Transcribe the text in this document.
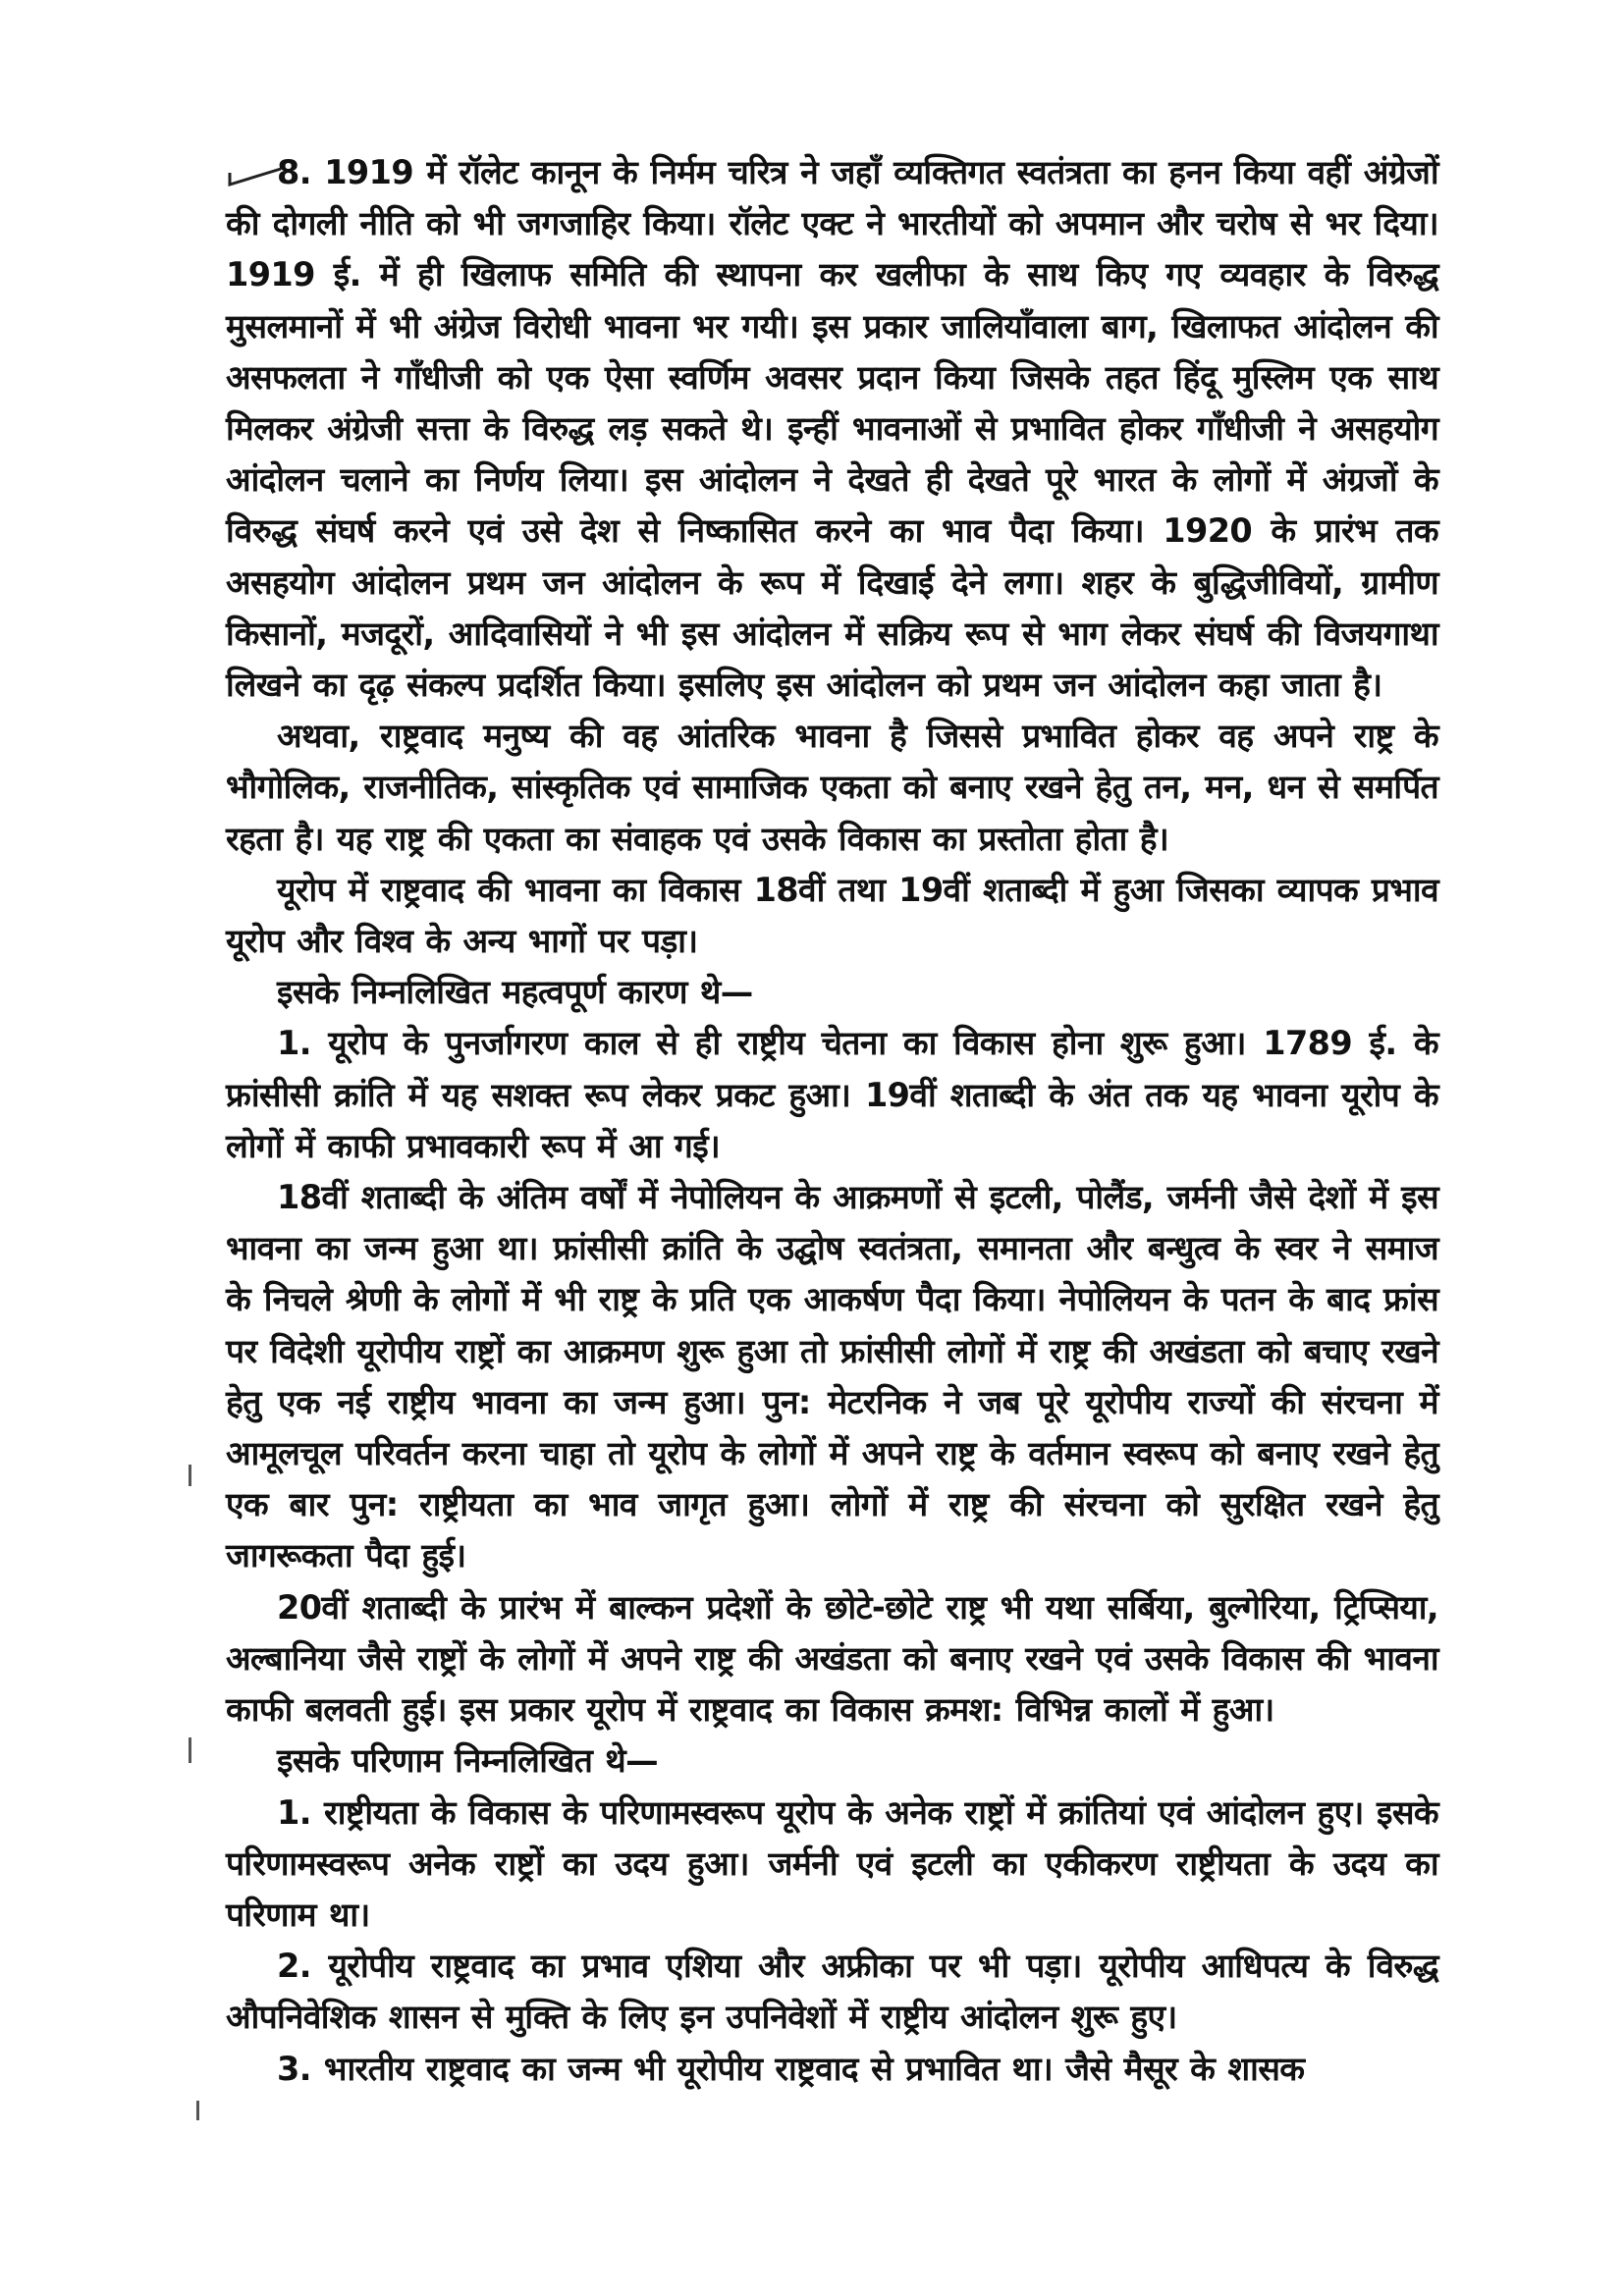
8. 1919 में रॉलेट कानून के निर्मम चरित्र ने जहाँ व्यक्तिगत स्वतंत्रता का हनन किया वहीं अंग्रेजों की दोगली नीति को भी जगजाहिर किया। रॉलेट एक्ट ने भारतीयों को अपमान और चरोष से भर दिया। 1919 ई. में ही खिलाफ समिति की स्थापना कर खलीफा के साथ किए गए व्यवहार के विरुद्ध मुसलमानों में भी अंग्रेज विरोधी भावना भर गयी। इस प्रकार जालियाँवाला बाग, खिलाफत आंदोलन की असफलता ने गाँधीजी को एक ऐसा स्वर्णिम अवसर प्रदान किया जिसके तहत हिंदू मुस्लिम एक साथ मिलकर अंग्रेजी सत्ता के विरुद्ध लड़ सकते थे। इन्हीं भावनाओं से प्रभावित होकर गाँधीजी ने असहयोग आंदोलन चलाने का निर्णय लिया। इस आंदोलन ने देखते ही देखते पूरे भारत के लोगों में अंग्रजों के विरुद्ध संघर्ष करने एवं उसे देश से निष्कासित करने का भाव पैदा किया। 1920 के प्रारंभ तक असहयोग आंदोलन प्रथम जन आंदोलन के रूप में दिखाई देने लगा। शहर के बुद्धिजीवियों, ग्रामीण किसानों, मजदूरों, आदिवासियों ने भी इस आंदोलन में सक्रिय रूप से भाग लेकर संघर्ष की विजयगाथा लिखने का दृढ़ संकल्प प्रदर्शित किया। इसलिए इस आंदोलन को प्रथम जन आंदोलन कहा जाता है।

अथवा, राष्ट्रवाद मनुष्य की वह आंतरिक भावना है जिससे प्रभावित होकर वह अपने राष्ट्र के भौगोलिक, राजनीतिक, सांस्कृतिक एवं सामाजिक एकता को बनाए रखने हेतु तन, मन, धन से समर्पित रहता है। यह राष्ट्र की एकता का संवाहक एवं उसके विकास का प्रस्तोता होता है।

यूरोप में राष्ट्रवाद की भावना का विकास 18वीं तथा 19वीं शताब्दी में हुआ जिसका व्यापक प्रभाव यूरोप और विश्व के अन्य भागों पर पड़ा।

इसके निम्नलिखित महत्वपूर्ण कारण थे—

1. यूरोप के पुनर्जागरण काल से ही राष्ट्रीय चेतना का विकास होना शुरू हुआ। 1789 ई. के फ्रांसीसी क्रांति में यह सशक्त रूप लेकर प्रकट हुआ। 19वीं शताब्दी के अंत तक यह भावना यूरोप के लोगों में काफी प्रभावकारी रूप में आ गई।

18वीं शताब्दी के अंतिम वर्षों में नेपोलियन के आक्रमणों से इटली, पोलैंड, जर्मनी जैसे देशों में इस भावना का जन्म हुआ था। फ्रांसीसी क्रांति के उद्घोष स्वतंत्रता, समानता और बन्धुत्व के स्वर ने समाज के निचले श्रेणी के लोगों में भी राष्ट्र के प्रति एक आकर्षण पैदा किया। नेपोलियन के पतन के बाद फ्रांस पर विदेशी यूरोपीय राष्ट्रों का आक्रमण शुरू हुआ तो फ्रांसीसी लोगों में राष्ट्र की अखंडता को बचाए रखने हेतु एक नई राष्ट्रीय भावना का जन्म हुआ। पुन: मेटरनिक ने जब पूरे यूरोपीय राज्यों की संरचना में आमूलचूल परिवर्तन करना चाहा तो यूरोप के लोगों में अपने राष्ट्र के वर्तमान स्वरूप को बनाए रखने हेतु एक बार पुन: राष्ट्रीयता का भाव जागृत हुआ। लोगों में राष्ट्र की संरचना को सुरक्षित रखने हेतु जागरूकता पैदा हुई।

20वीं शताब्दी के प्रारंभ में बाल्कन प्रदेशों के छोटे-छोटे राष्ट्र भी यथा सर्बिया, बुल्गेरिया, ट्रिप्सिया, अल्बानिया जैसे राष्ट्रों के लोगों में अपने राष्ट्र की अखंडता को बनाए रखने एवं उसके विकास की भावना काफी बलवती हुई। इस प्रकार यूरोप में राष्ट्रवाद का विकास क्रमश: विभिन्न कालों में हुआ।

इसके परिणाम निम्नलिखित थे—

1. राष्ट्रीयता के विकास के परिणामस्वरूप यूरोप के अनेक राष्ट्रों में क्रांतियां एवं आंदोलन हुए। इसके परिणामस्वरूप अनेक राष्ट्रों का उदय हुआ। जर्मनी एवं इटली का एकीकरण राष्ट्रीयता के उदय का परिणाम था।

2. यूरोपीय राष्ट्रवाद का प्रभाव एशिया और अफ्रीका पर भी पड़ा। यूरोपीय आधिपत्य के विरुद्ध औपनिवेशिक शासन से मुक्ति के लिए इन उपनिवेशों में राष्ट्रीय आंदोलन शुरू हुए।

3. भारतीय राष्ट्रवाद का जन्म भी यूरोपीय राष्ट्रवाद से प्रभावित था। जैसे मैसूर के शासक
